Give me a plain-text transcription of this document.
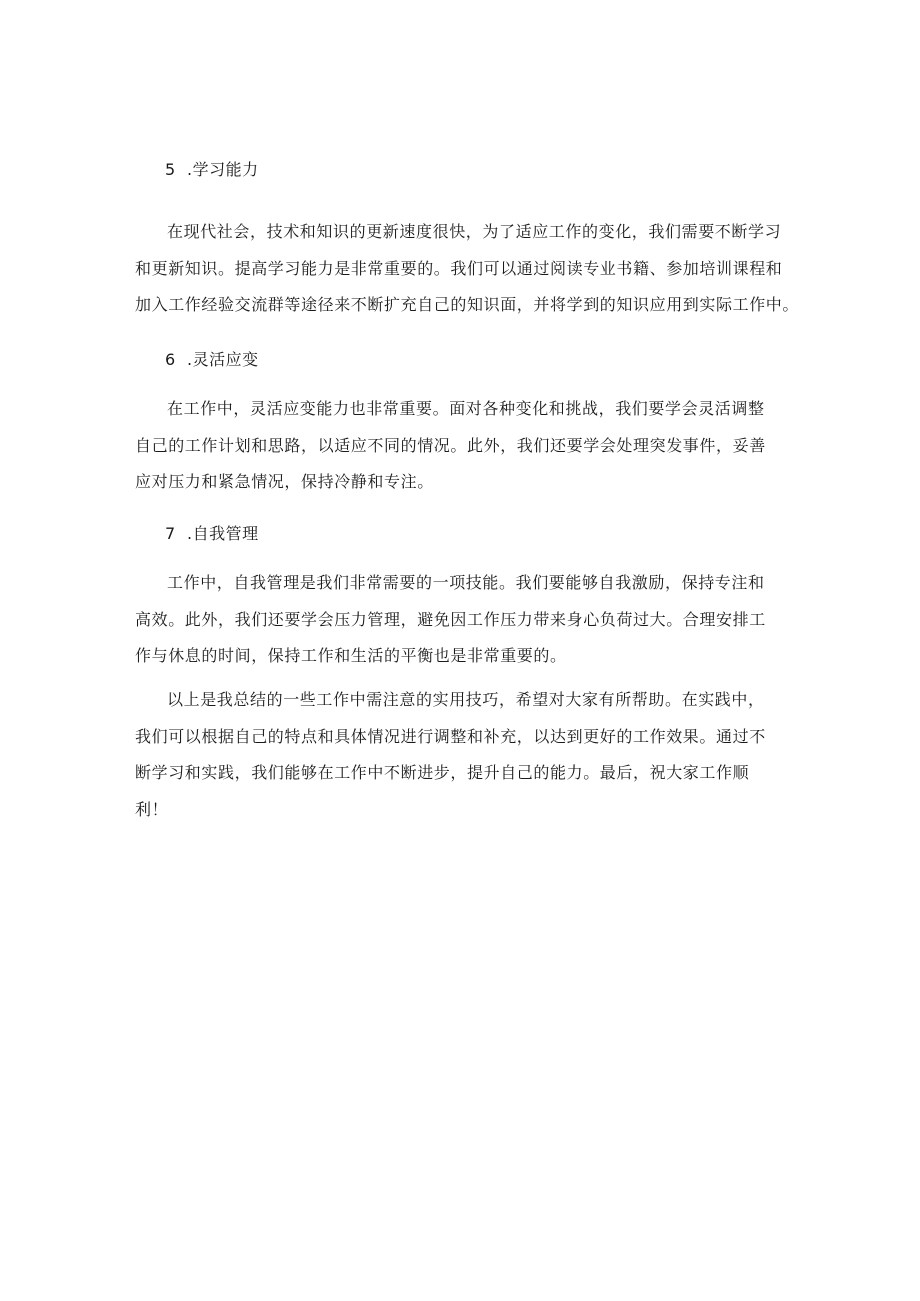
5 .学习能力
在现代社会，技术和知识的更新速度很快，为了适应工作的变化，我们需要不断学习
和更新知识。提高学习能力是非常重要的。我们可以通过阅读专业书籍、参加培训课程和
加入工作经验交流群等途径来不断扩充自己的知识面，并将学到的知识应用到实际工作中。
6 .灵活应变
在工作中，灵活应变能力也非常重要。面对各种变化和挑战，我们要学会灵活调整
自己的工作计划和思路，以适应不同的情况。此外，我们还要学会处理突发事件，妥善
应对压力和紧急情况，保持冷静和专注。
7 .自我管理
工作中，自我管理是我们非常需要的一项技能。我们要能够自我激励，保持专注和
高效。此外，我们还要学会压力管理，避免因工作压力带来身心负荷过大。合理安排工
作与休息的时间，保持工作和生活的平衡也是非常重要的。
以上是我总结的一些工作中需注意的实用技巧，希望对大家有所帮助。在实践中，
我们可以根据自己的特点和具体情况进行调整和补充，以达到更好的工作效果。通过不
断学习和实践，我们能够在工作中不断进步，提升自己的能力。最后，祝大家工作顺
利！
